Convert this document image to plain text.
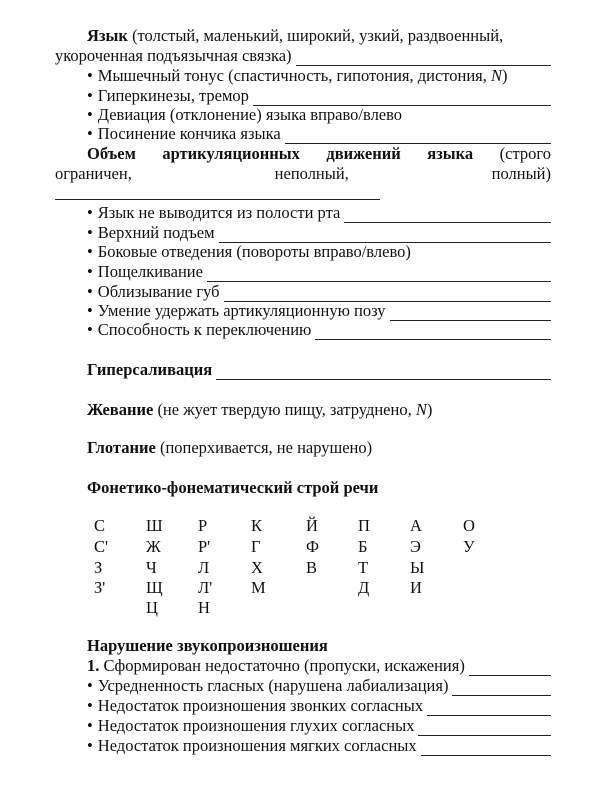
Язык (толстый, маленький, широкий, узкий, раздвоенный,
укороченная подъязычная связка)
• Мышечный тонус (спастичность, гипотония, дистония, N)
• Гиперкинезы, тремор
• Девиация (отклонение) языка вправо/влево
• Посинение кончика языка
Объем артикуляционных движений языка (строго
ограничен,	неполный,	полный)
• Язык не выводится из полости рта
• Верхний подъем
• Боковые отведения (повороты вправо/влево)
• Пощелкивание
• Облизывание губ
• Умение удержать артикуляционную позу
• Способность к переключению
Гиперсаливация
Жевание (не жует твердую пищу, затруднено, N)
Глотание (поперхивается, не нарушено)
Фонетико-фонематический строй речи
С
С'
З
З'
Ш
Ж
Ч
Щ
Ц
Р
Р'
Л
Л'
Н
К
Г
Х
М
Й
Ф
В
П
Б
Т
Д
А
Э
Ы
И
О
У
Нарушение звукопроизношения
1. Сформирован недостаточно (пропуски, искажения)
• Усредненность гласных (нарушена лабиализация)
• Недостаток произношения звонких согласных
• Недостаток произношения глухих согласных
• Недостаток произношения мягких согласных
